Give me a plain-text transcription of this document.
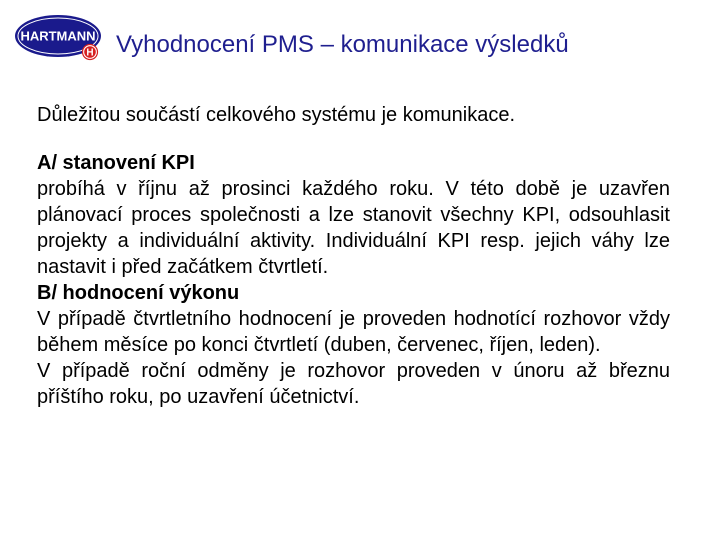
HARTMANN
H Vyhodnocení PMS – komunikace výsledků

Důležitou součástí celkového systému je komunikace.

A/ stanovení KPI

probíhá v říjnu až prosinci každého roku. V této době je uzavřen plánovací proces společnosti a lze stanovit všechny KPI, odsouhlasit projekty a individuální aktivity. Individuální KPI resp. jejich váhy lze nastavit i před začátkem čtvrtletí.

B/ hodnocení výkonu

V případě čtvrtletního hodnocení je proveden hodnotící rozhovor vždy během měsíce po konci čtvrtletí (duben, červenec, říjen, leden).

V případě roční odměny je rozhovor proveden v únoru až březnu příštího roku, po uzavření účetnictví.
